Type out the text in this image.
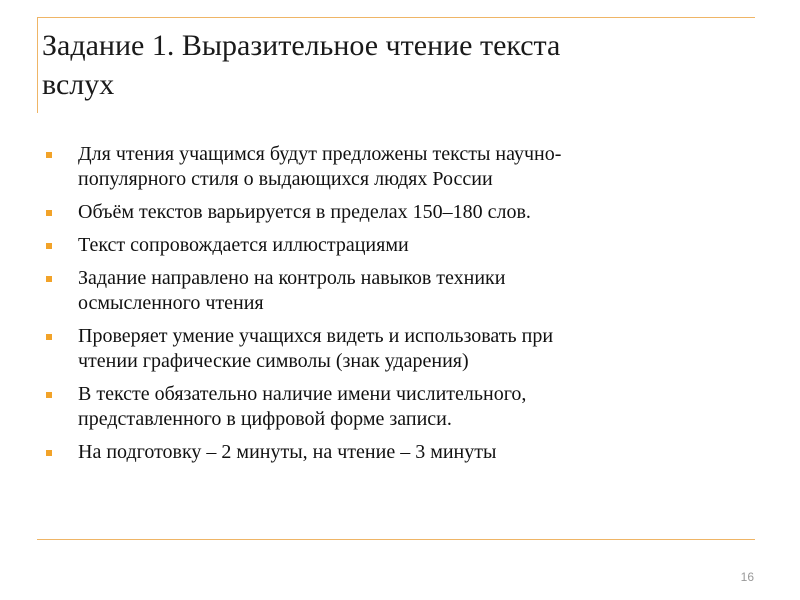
Задание 1. Выразительное чтение текста
вслух
Для чтения учащимся будут предложены тексты научно-
популярного стиля о выдающихся людях России
Объём текстов варьируется в пределах 150–180 слов.
Текст сопровождается иллюстрациями
Задание направлено на контроль навыков техники
осмысленного чтения
Проверяет умение учащихся видеть и использовать при
чтении графические символы (знак ударения)
В тексте обязательно наличие имени числительного,
представленного в цифровой форме записи.
На подготовку – 2 минуты, на чтение – 3 минуты
16
